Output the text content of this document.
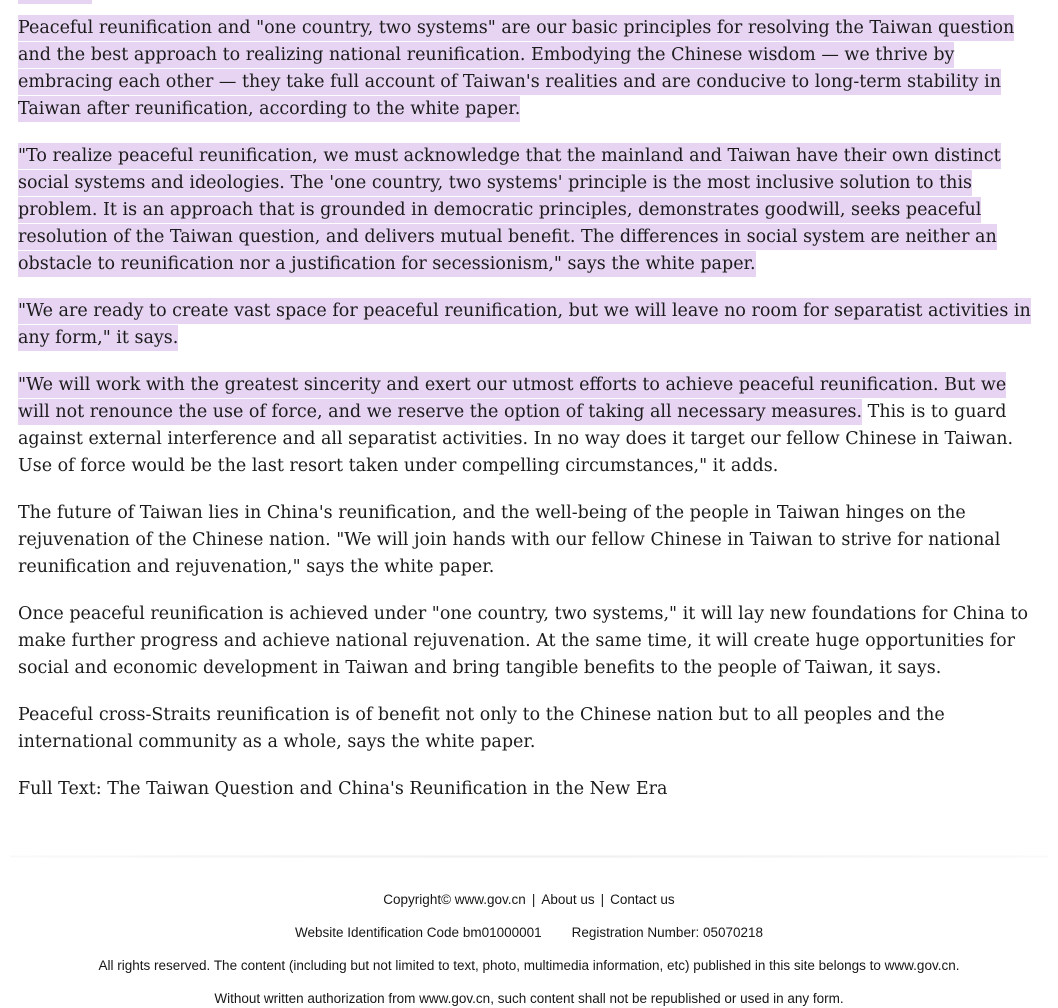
Peaceful reunification and "one country, two systems" are our basic principles for resolving the Taiwan question and the best approach to realizing national reunification. Embodying the Chinese wisdom — we thrive by embracing each other — they take full account of Taiwan's realities and are conducive to long-term stability in Taiwan after reunification, according to the white paper.

"To realize peaceful reunification, we must acknowledge that the mainland and Taiwan have their own distinct social systems and ideologies. The 'one country, two systems' principle is the most inclusive solution to this problem. It is an approach that is grounded in democratic principles, demonstrates goodwill, seeks peaceful resolution of the Taiwan question, and delivers mutual benefit. The differences in social system are neither an obstacle to reunification nor a justification for secessionism," says the white paper.

"We are ready to create vast space for peaceful reunification, but we will leave no room for separatist activities in any form," it says.

"We will work with the greatest sincerity and exert our utmost efforts to achieve peaceful reunification. But we will not renounce the use of force, and we reserve the option of taking all necessary measures. This is to guard against external interference and all separatist activities. In no way does it target our fellow Chinese in Taiwan. Use of force would be the last resort taken under compelling circumstances," it adds.

The future of Taiwan lies in China's reunification, and the well-being of the people in Taiwan hinges on the rejuvenation of the Chinese nation. "We will join hands with our fellow Chinese in Taiwan to strive for national reunification and rejuvenation," says the white paper.

Once peaceful reunification is achieved under "one country, two systems," it will lay new foundations for China to make further progress and achieve national rejuvenation. At the same time, it will create huge opportunities for social and economic development in Taiwan and bring tangible benefits to the people of Taiwan, it says.

Peaceful cross-Straits reunification is of benefit not only to the Chinese nation but to all peoples and the international community as a whole, says the white paper.

Full Text: The Taiwan Question and China's Reunification in the New Era

Copyright© www.gov.cn | About us | Contact us

Website Identification Code bm01000001 Registration Number: 05070218

All rights reserved. The content (including but not limited to text, photo, multimedia information, etc) published in this site belongs to www.gov.cn.

Without written authorization from www.gov.cn, such content shall not be republished or used in any form.
